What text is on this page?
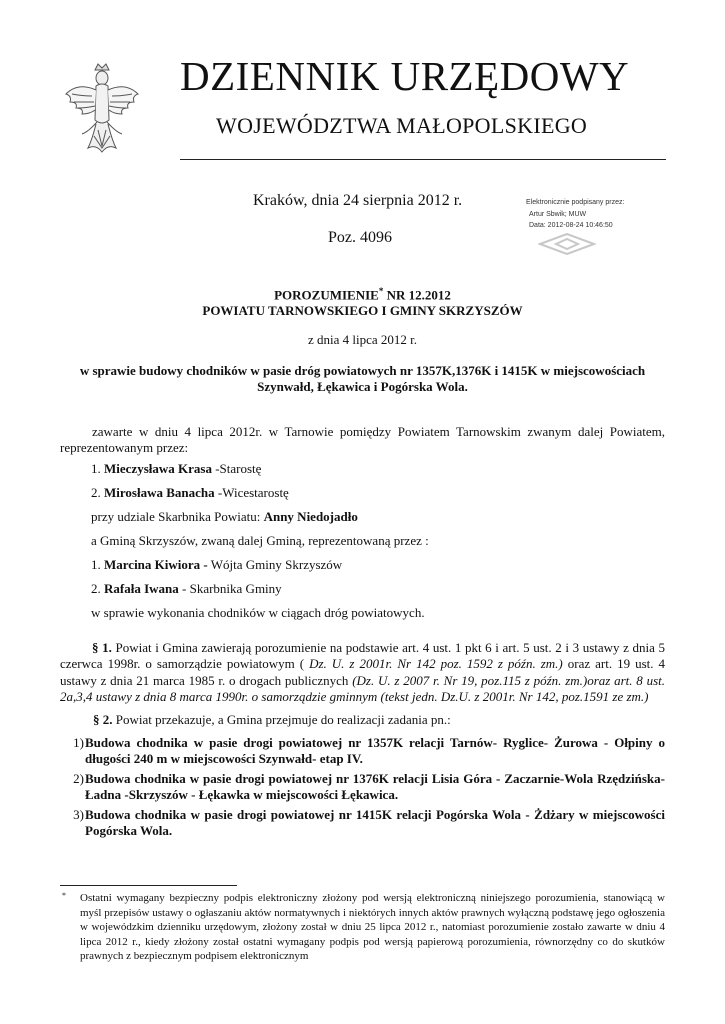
DZIENNIK URZĘDOWY
WOJEWÓDZTWA MAŁOPOLSKIEGO
Kraków, dnia 24 sierpnia 2012 r.
Poz. 4096
Elektronicznie podpisany przez:
Artur Sbwik; MUW
Data: 2012-08-24 10:46:50
POROZUMIENIE* NR 12.2012
POWIATU TARNOWSKIEGO I GMINY SKRZYSZÓW
z dnia 4 lipca 2012 r.
w sprawie budowy chodników w pasie dróg powiatowych nr 1357K,1376K i 1415K w miejscowościach
Szynwałd, Łękawica i Pogórska Wola.
zawarte w dniu 4 lipca 2012r. w Tarnowie pomiędzy Powiatem Tarnowskim zwanym dalej Powiatem, reprezentowanym przez:
1. Mieczysława Krasa -Starostę
2. Mirosława Banacha -Wicestarostę
przy udziale Skarbnika Powiatu: Anny Niedojadło
a Gminą Skrzyszów, zwaną dalej Gminą, reprezentowaną przez :
1. Marcina Kiwiora - Wójta Gminy Skrzyszów
2. Rafała Iwana - Skarbnika Gminy
w sprawie wykonania chodników w ciągach dróg powiatowych.
§ 1. Powiat i Gmina zawierają porozumienie na podstawie art. 4 ust. 1 pkt 6 i art. 5 ust. 2 i 3 ustawy z dnia 5 czerwca 1998r. o samorządzie powiatowym ( Dz. U. z 2001r. Nr 142 poz. 1592 z późn. zm.) oraz art. 19 ust. 4 ustawy z dnia 21 marca 1985 r. o drogach publicznych (Dz. U. z 2007 r. Nr 19, poz.115 z późn. zm.)oraz art. 8 ust. 2a,3,4 ustawy z dnia 8 marca 1990r. o samorządzie gminnym (tekst jedn. Dz.U. z 2001r. Nr 142, poz.1591 ze zm.)
§ 2. Powiat przekazuje, a Gmina przejmuje do realizacji zadania pn.:
1) Budowa chodnika w pasie drogi powiatowej nr 1357K relacji Tarnów- Ryglice- Żurowa - Ołpiny o długości 240 m w miejscowości Szynwałd- etap IV.
2) Budowa chodnika w pasie drogi powiatowej nr 1376K relacji Lisia Góra - Zaczarnie-Wola Rzędzińska-Ładna -Skrzyszów - Łękawka w miejscowości Łękawica.
3) Budowa chodnika w pasie drogi powiatowej nr 1415K relacji Pogórska Wola - Żdżary w miejscowości Pogórska Wola.
*	Ostatni wymagany bezpieczny podpis elektroniczny złożony pod wersją elektroniczną niniejszego porozumienia, stanowiącą w myśl przepisów ustawy o ogłaszaniu aktów normatywnych i niektórych innych aktów prawnych wyłączną podstawę jego ogłoszenia w wojewódzkim dzienniku urzędowym, złożony został w dniu 25 lipca 2012 r., natomiast porozumienie zostało zawarte w dniu 4 lipca 2012 r., kiedy złożony został ostatni wymagany podpis pod wersją papierową porozumienia, równorzędny co do skutków prawnych z bezpiecznym podpisem elektronicznym
